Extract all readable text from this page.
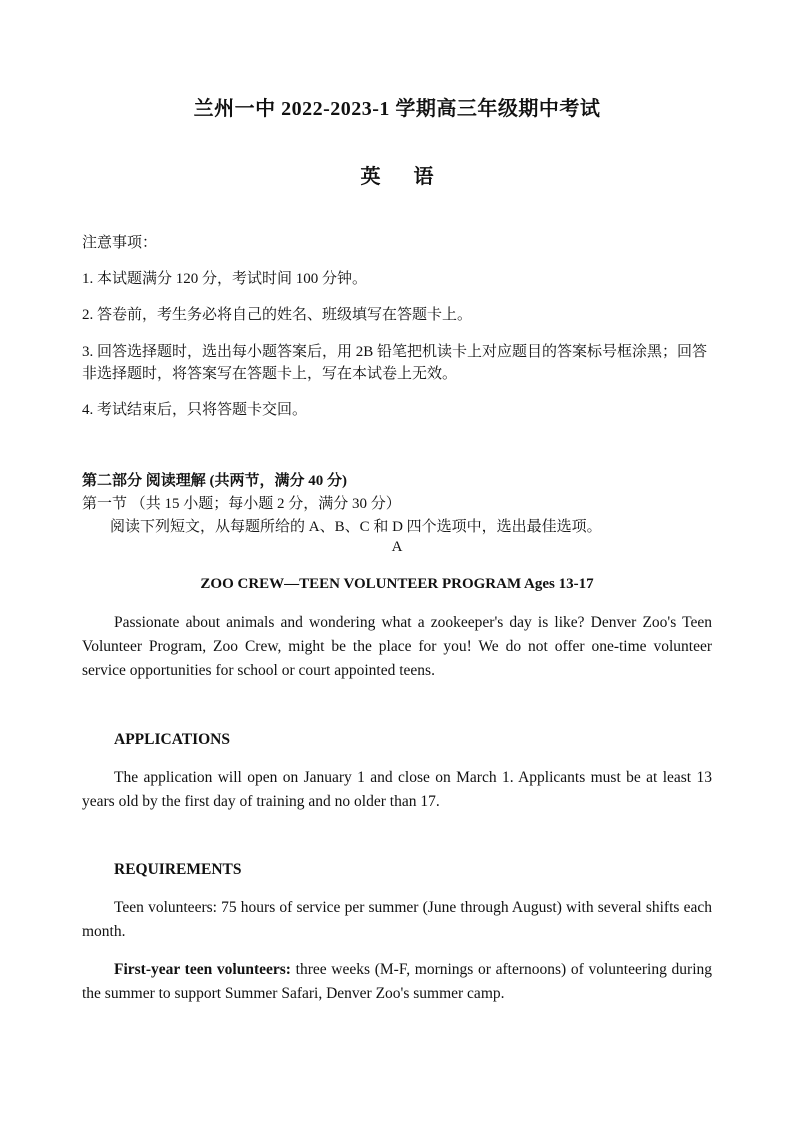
兰州一中 2022-2023-1 学期高三年级期中考试
英 语
注意事项：
1. 本试题满分 120 分，考试时间 100 分钟。
2. 答卷前，考生务必将自己的姓名、班级填写在答题卡上。
3. 回答选择题时，选出每小题答案后，用 2B 铅笔把机读卡上对应题目的答案标号框涂黑；回答非选择题时，将答案写在答题卡上，写在本试卷上无效。
4. 考试结束后，只将答题卡交回。
第二部分 阅读理解 (共两节，满分 40 分)
第一节 （共 15 小题；每小题 2 分，满分 30 分）
阅读下列短文，从每题所给的 A、B、C 和 D 四个选项中，选出最佳选项。
A
ZOO CREW—TEEN VOLUNTEER PROGRAM Ages 13-17
Passionate about animals and wondering what a zookeeper's day is like? Denver Zoo's Teen Volunteer Program, Zoo Crew, might be the place for you! We do not offer one-time volunteer service opportunities for school or court appointed teens.
APPLICATIONS
The application will open on January 1 and close on March 1. Applicants must be at least 13 years old by the first day of training and no older than 17.
REQUIREMENTS
Teen volunteers: 75 hours of service per summer (June through August) with several shifts each month.
First-year teen volunteers: three weeks (M-F, mornings or afternoons) of volunteering during the summer to support Summer Safari, Denver Zoo's summer camp.
